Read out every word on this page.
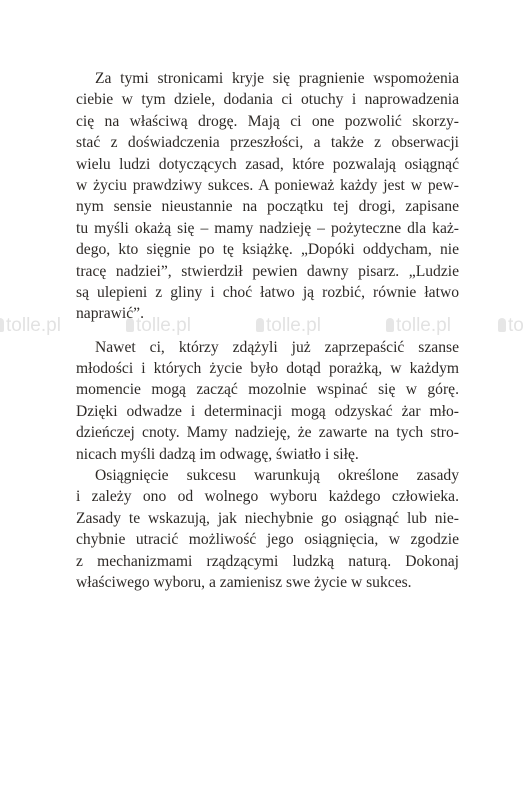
Za tymi stronicami kryje się pragnienie wspomożenia
ciebie w tym dziele, dodania ci otuchy i naprowadzenia
cię na właściwą drogę. Mają ci one pozwolić skorzy-
stać z doświadczenia przeszłości, a także z obserwacji
wielu ludzi dotyczących zasad, które pozwalają osiągnąć
w życiu prawdziwy sukces. A ponieważ każdy jest w pew-
nym sensie nieustannie na początku tej drogi, zapisane
tu myśli okażą się – mamy nadzieję – pożyteczne dla każ-
dego, kto sięgnie po tę książkę. „Dopóki oddycham, nie
tracę nadziei”, stwierdził pewien dawny pisarz. „Ludzie
są ulepieni z gliny i choć łatwo ją rozbić, równie łatwo
naprawić”.
Nawet ci, którzy zdążyli już zaprzepaścić szanse
młodości i których życie było dotąd porażką, w każdym
momencie mogą zacząć mozolnie wspinać się w górę.
Dzięki odwadze i determinacji mogą odzyskać żar mło-
dzieńczej cnoty. Mamy nadzieję, że zawarte na tych stro-
nicach myśli dadzą im odwagę, światło i siłę.
Osiągnięcie sukcesu warunkują określone zasady
i zależy ono od wolnego wyboru każdego człowieka.
Zasady te wskazują, jak niechybnie go osiągnąć lub nie-
chybnie utracić możliwość jego osiągnięcia, w zgodzie
z mechanizmami rządzącymi ludzką naturą. Dokonaj
właściwego wyboru, a zamienisz swe życie w sukces.
tolle.pl	tolle.pl	tolle.pl	tolle.pl	to
